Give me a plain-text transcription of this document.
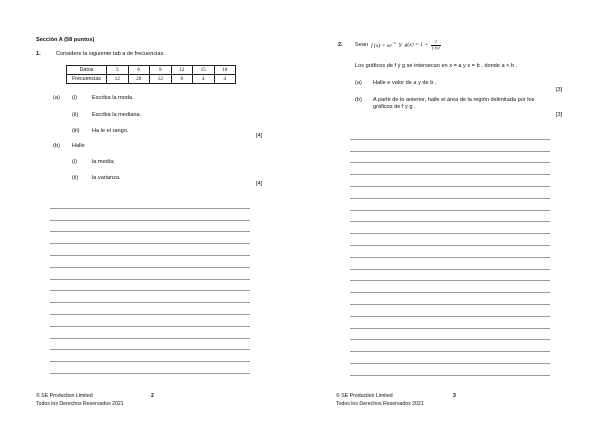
Sección A (58 puntos)
1.	Considere la siguiente tab a de frecuencias.
Datos	3	6	9	12	15	18
Frecuencias	12	20	12	8	4	4
(a) (i)	Escriba la moda.
(ii) Escriba la mediana.
(iii) Ha le el rango.
[4]
(b) Halle
(i)	la media;
(ii) la varianza.
[4]
© SE Production Limited
Todos los Derechos Reservados 2021
2
2. Sean f $(x) = xe^{-x}$ y $g(x) = 1 + \frac{1}{f (x)}$
Los gráficos de f y g se intersecan en x = a y x = b , donde a < b .
(a) Halle e valor de a y de b .
[3]
(b) A partir de lo anterior, halle el área de la región delimitada por los
gráficos de f y g .
[3]
© SE Production Limited
Todos los Derechos Reservados 2021
3
